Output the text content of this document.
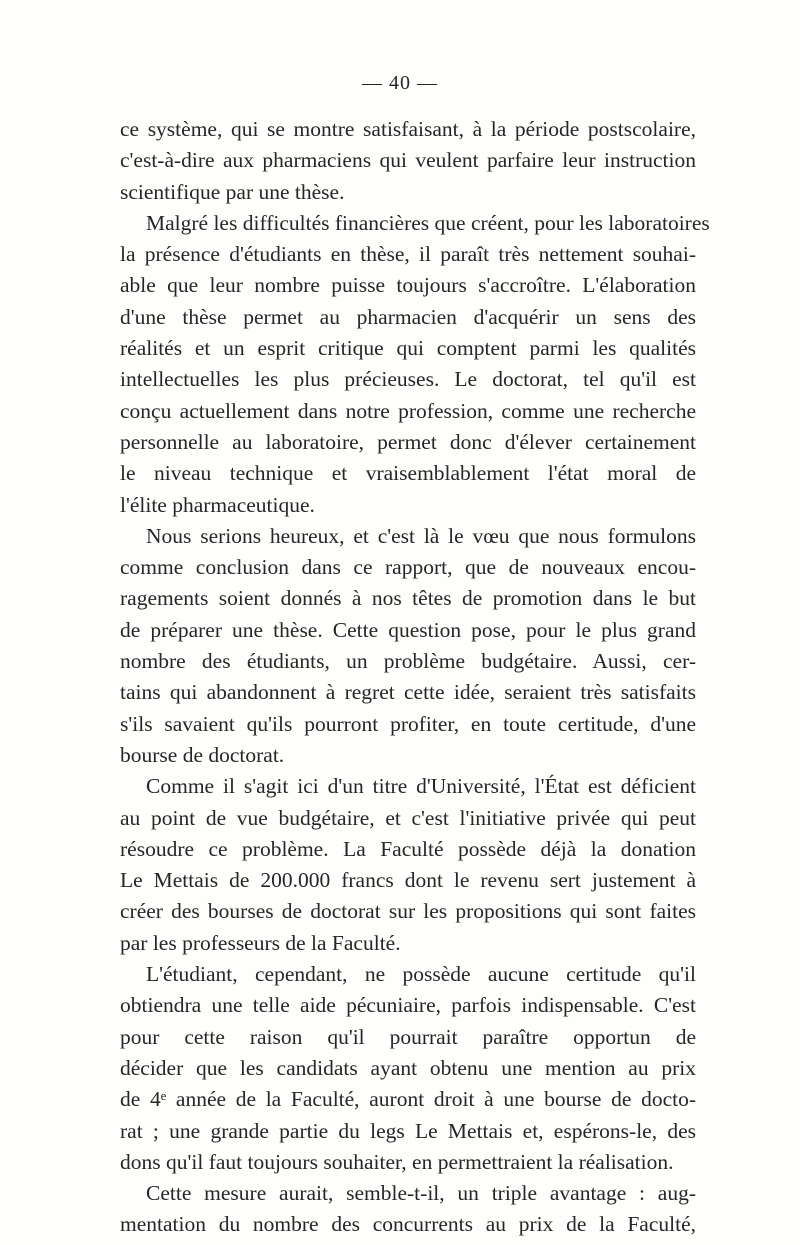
— 40 —
ce système, qui se montre satisfaisant, à la période postscolaire,
c'est-à-dire aux pharmaciens qui veulent parfaire leur instruction
scientifique par une thèse.
Malgré les difficultés financières que créent, pour les laboratoires
la présence d'étudiants en thèse, il paraît très nettement souhai-
able que leur nombre puisse toujours s'accroître. L'élaboration
d'une thèse permet au pharmacien d'acquérir un sens des
réalités et un esprit critique qui comptent parmi les qualités
intellectuelles les plus précieuses. Le doctorat, tel qu'il est
conçu actuellement dans notre profession, comme une recherche
personnelle au laboratoire, permet donc d'élever certainement
le niveau technique et vraisemblablement l'état moral de
l'élite pharmaceutique.
Nous serions heureux, et c'est là le vœu que nous formulons
comme conclusion dans ce rapport, que de nouveaux encou-
ragements soient donnés à nos têtes de promotion dans le but
de préparer une thèse. Cette question pose, pour le plus grand
nombre des étudiants, un problème budgétaire. Aussi, cer-
tains qui abandonnent à regret cette idée, seraient très satisfaits
s'ils savaient qu'ils pourront profiter, en toute certitude, d'une
bourse de doctorat.
Comme il s'agit ici d'un titre d'Université, l'État est déficient
au point de vue budgétaire, et c'est l'initiative privée qui peut
résoudre ce problème. La Faculté possède déjà la donation
Le Mettais de 200.000 francs dont le revenu sert justement à
créer des bourses de doctorat sur les propositions qui sont faites
par les professeurs de la Faculté.
L'étudiant, cependant, ne possède aucune certitude qu'il
obtiendra une telle aide pécuniaire, parfois indispensable. C'est
pour cette raison qu'il pourrait paraître opportun de
décider que les candidats ayant obtenu une mention au prix
de 4ᵉ année de la Faculté, auront droit à une bourse de docto-
rat ; une grande partie du legs Le Mettais et, espérons-le, des
dons qu'il faut toujours souhaiter, en permettraient la réalisation.
Cette mesure aurait, semble-t-il, un triple avantage : aug-
mentation du nombre des concurrents au prix de la Faculté,
